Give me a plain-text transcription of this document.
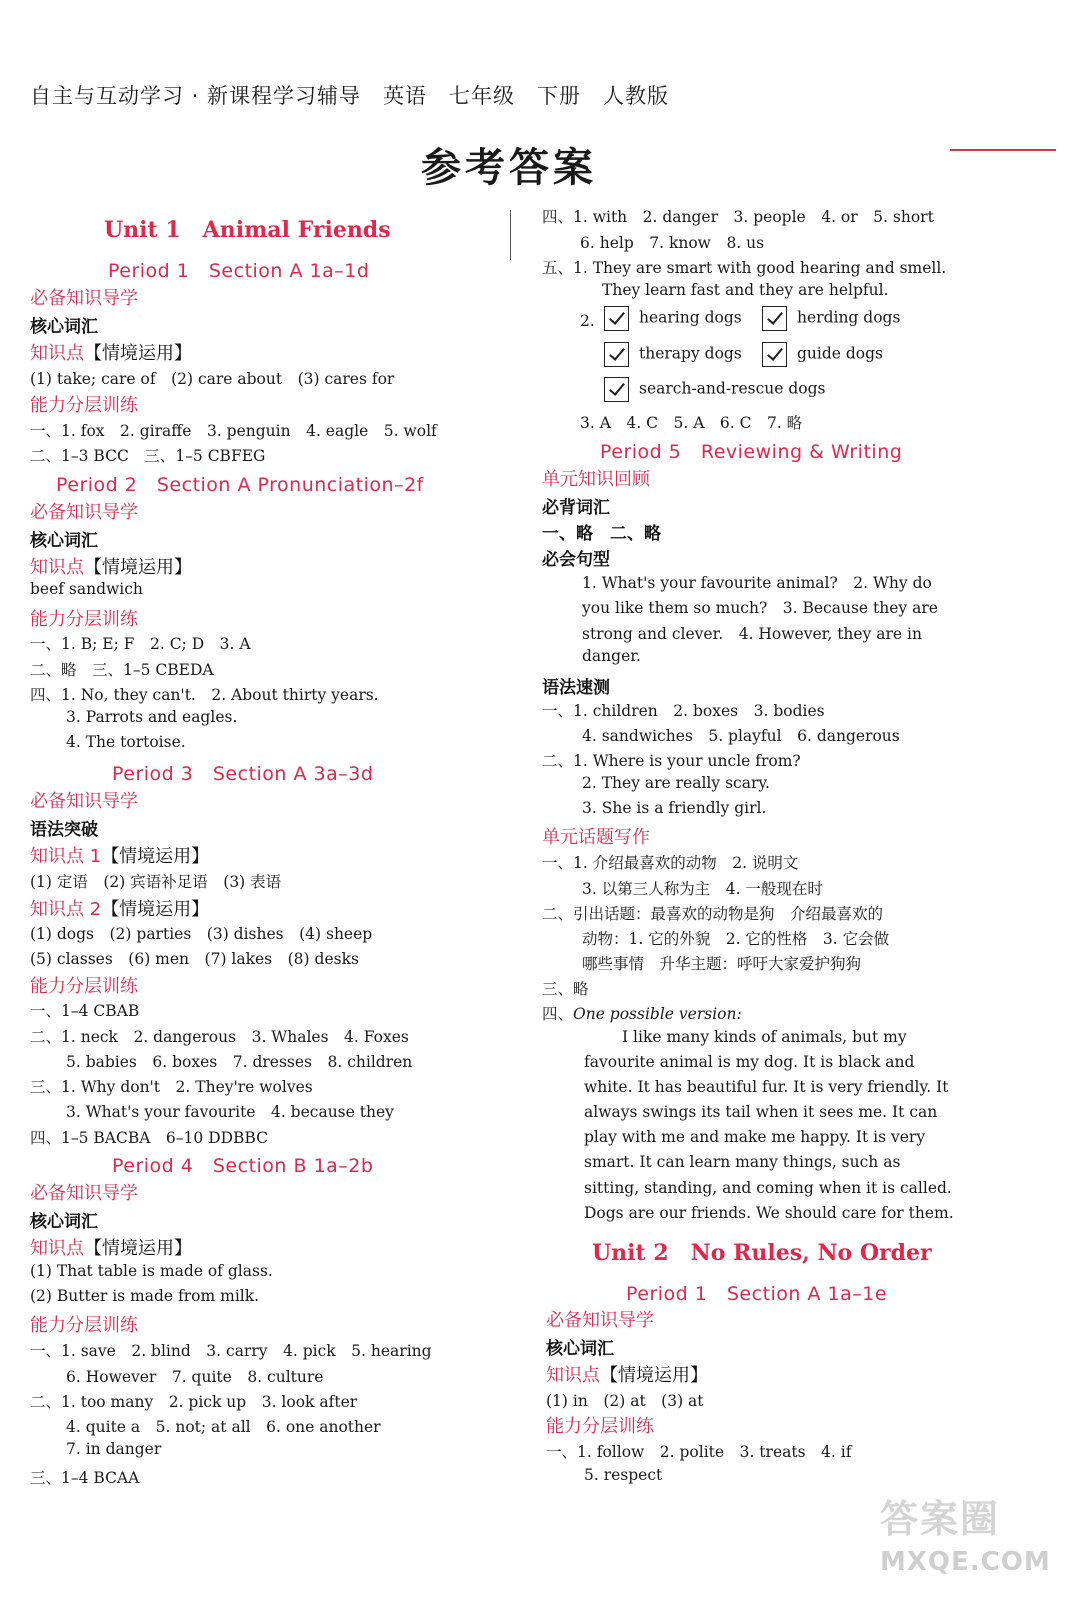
自主与互动学习 · 新课程学习辅导　英语　七年级　下册　人教版
参考答案
Unit 1　Animal Friends
Period 1　Section A 1a–1d
必备知识导学
核心词汇
知识点【情境运用】
(1) take; care of　(2) care about　(3) cares for
能力分层训练
一、1. fox　2. giraffe　3. penguin　4. eagle　5. wolf
二、1–3 BCC　三、1–5 CBFEG
Period 2　Section A Pronunciation–2f
必备知识导学
核心词汇
知识点【情境运用】
beef sandwich
能力分层训练
一、1. B; E; F　2. C; D　3. A
二、略　三、1–5 CBEDA
四、1. No, they can't.　2. About thirty years.
3. Parrots and eagles.
4. The tortoise.
Period 3　Section A 3a–3d
必备知识导学
语法突破
知识点 1【情境运用】
(1) 定语　(2) 宾语补足语　(3) 表语
知识点 2【情境运用】
(1) dogs　(2) parties　(3) dishes　(4) sheep
(5) classes　(6) men　(7) lakes　(8) desks
能力分层训练
一、1–4 CBAB
二、1. neck　2. dangerous　3. Whales　4. Foxes
5. babies　6. boxes　7. dresses　8. children
三、1. Why don't　2. They're wolves
3. What's your favourite　4. because they
四、1–5 BACBA　6–10 DDBBC
Period 4　Section B 1a–2b
必备知识导学
核心词汇
知识点【情境运用】
(1) That table is made of glass.
(2) Butter is made from milk.
能力分层训练
一、1. save　2. blind　3. carry　4. pick　5. hearing
6. However　7. quite　8. culture
二、1. too many　2. pick up　3. look after
4. quite a　5. not; at all　6. one another
7. in danger
三、1–4 BCAA
四、1. with　2. danger　3. people　4. or　5. short
6. help　7. know　8. us
五、1. They are smart with good hearing and smell.
They learn fast and they are helpful.
3. A　4. C　5. A　6. C　7. 略
Period 5　Reviewing & Writing
单元知识回顾
必背词汇
一、略　二、略
必会句型
1. What's your favourite animal?　2. Why do
you like them so much?　3. Because they are
strong and clever.　4. However, they are in
danger.
语法速测
一、1. children　2. boxes　3. bodies
4. sandwiches　5. playful　6. dangerous
二、1. Where is your uncle from?
2. They are really scary.
3. She is a friendly girl.
单元话题写作
一、1. 介绍最喜欢的动物　2. 说明文
3. 以第三人称为主　4. 一般现在时
二、引出话题：最喜欢的动物是狗　介绍最喜欢的
动物：1. 它的外貌　2. 它的性格　3. 它会做
哪些事情　升华主题：呼吁大家爱护狗狗
三、略
四、One possible version:
I like many kinds of animals, but my
favourite animal is my dog. It is black and
white. It has beautiful fur. It is very friendly. It
always swings its tail when it sees me. It can
play with me and make me happy. It is very
smart. It can learn many things, such as
sitting, standing, and coming when it is called.
Dogs are our friends. We should care for them.
Unit 2　No Rules, No Order
Period 1　Section A 1a–1e
必备知识导学
核心词汇
知识点【情境运用】
(1) in　(2) at　(3) at
能力分层训练
一、1. follow　2. polite　3. treats　4. if
5. respect
2.	hearing dogs	herding dogs
therapy dogs	guide dogs
search-and-rescue dogs
答案圈
MXQE.COM
